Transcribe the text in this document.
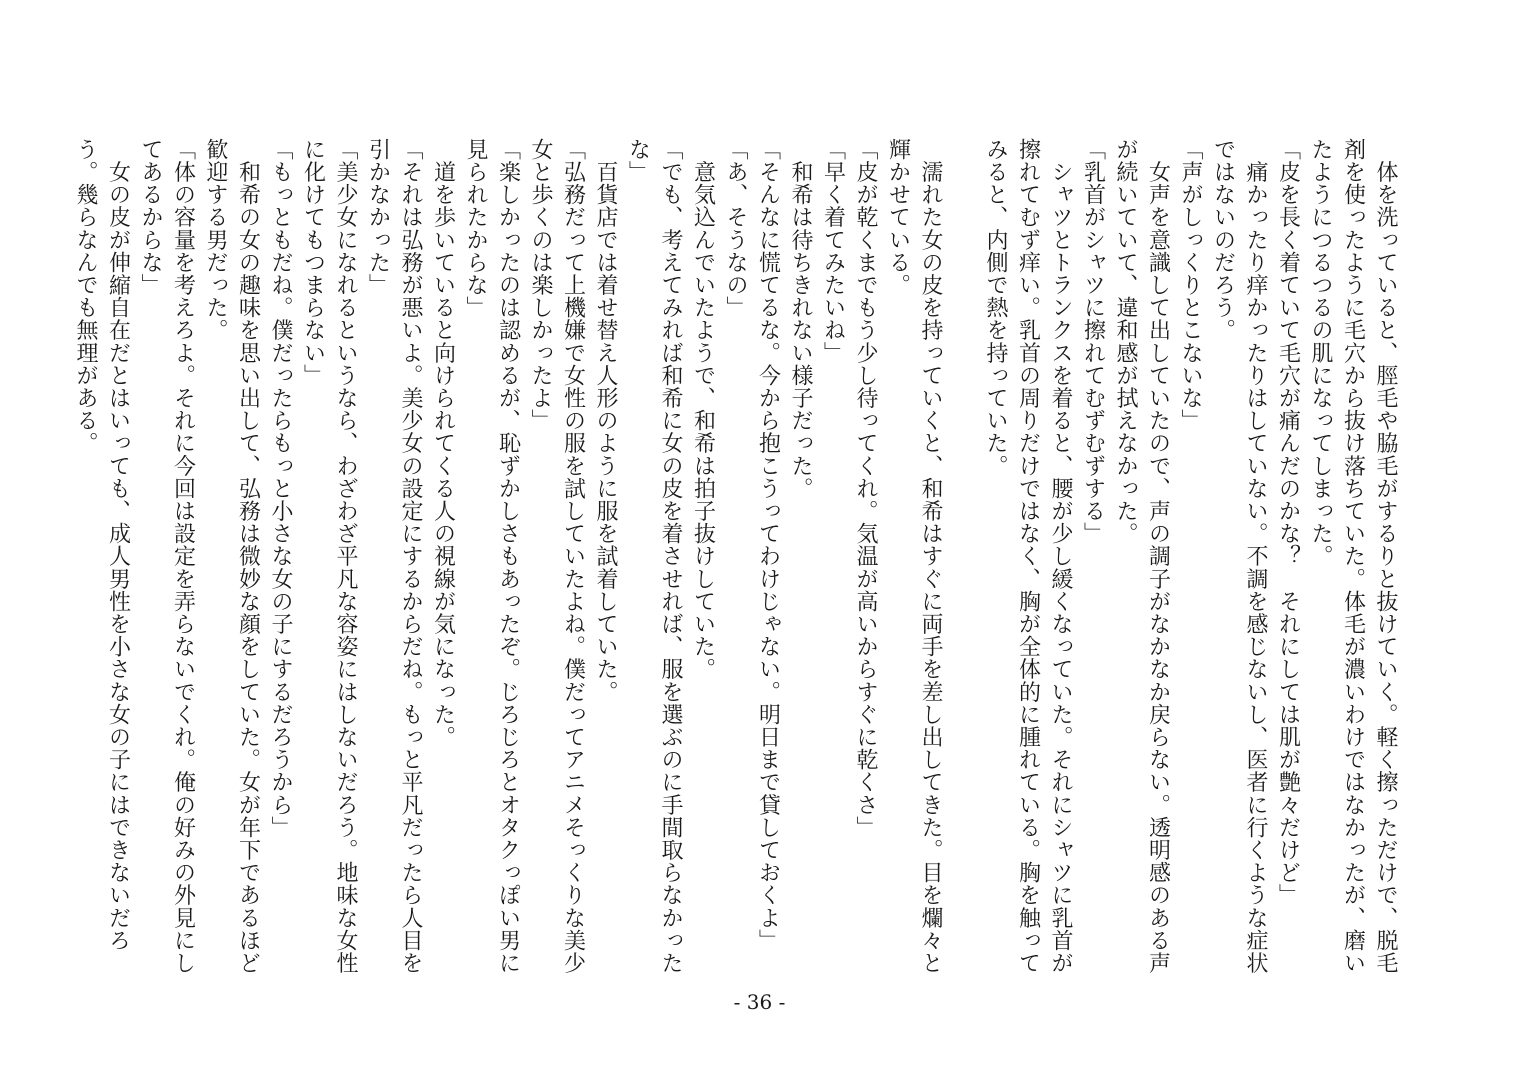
　体を洗っていると、脛毛や脇毛がするりと抜けていく。軽く擦っただけで、脱毛剤を使ったように毛穴から抜け落ちていた。体毛が濃いわけではなかったが、磨いたようにつるつるの肌になってしまった。

「皮を長く着ていて毛穴が痛んだのかな？　それにしては肌が艶々だけど」

　痛かったり痒かったりはしていない。不調を感じないし、医者に行くような症状ではないのだろう。

「声がしっくりとこないな」

　女声を意識して出していたので、声の調子がなかなか戻らない。透明感のある声が続いていて、違和感が拭えなかった。

「乳首がシャツに擦れてむずむずする」

　シャツとトランクスを着ると、腰が少し緩くなっていた。それにシャツに乳首が擦れてむず痒い。乳首の周りだけではなく、胸が全体的に腫れている。胸を触ってみると、内側で熱を持っていた。

　濡れた女の皮を持っていくと、和希はすぐに両手を差し出してきた。目を爛々と輝かせている。

「皮が乾くまでもう少し待ってくれ。気温が高いからすぐに乾くさ」

「早く着てみたいね」

　和希は待ちきれない様子だった。

「そんなに慌てるな。今から抱こうってわけじゃない。明日まで貸しておくよ」

「あ、そうなの」

　意気込んでいたようで、和希は拍子抜けしていた。

「でも、考えてみれば和希に女の皮を着させれば、服を選ぶのに手間取らなかったな」

　百貨店では着せ替え人形のように服を試着していた。

「弘務だって上機嫌で女性の服を試していたよね。僕だってアニメそっくりな美少女と歩くのは楽しかったよ」

「楽しかったのは認めるが、恥ずかしさもあったぞ。じろじろとオタクっぽい男に見られたからな」

　道を歩いていると向けられてくる人の視線が気になった。

「それは弘務が悪いよ。美少女の設定にするからだね。もっと平凡だったら人目を引かなかった」

「美少女になれるというなら、わざわざ平凡な容姿にはしないだろう。地味な女性に化けてもつまらない」

「もっともだね。僕だったらもっと小さな女の子にするだろうから」

　和希の女の趣味を思い出して、弘務は微妙な顔をしていた。女が年下であるほど歓迎する男だった。

「体の容量を考えろよ。それに今回は設定を弄らないでくれ。俺の好みの外見にしてあるからな」

　女の皮が伸縮自在だとはいっても、成人男性を小さな女の子にはできないだろう。幾らなんでも無理がある。

- 36 -
